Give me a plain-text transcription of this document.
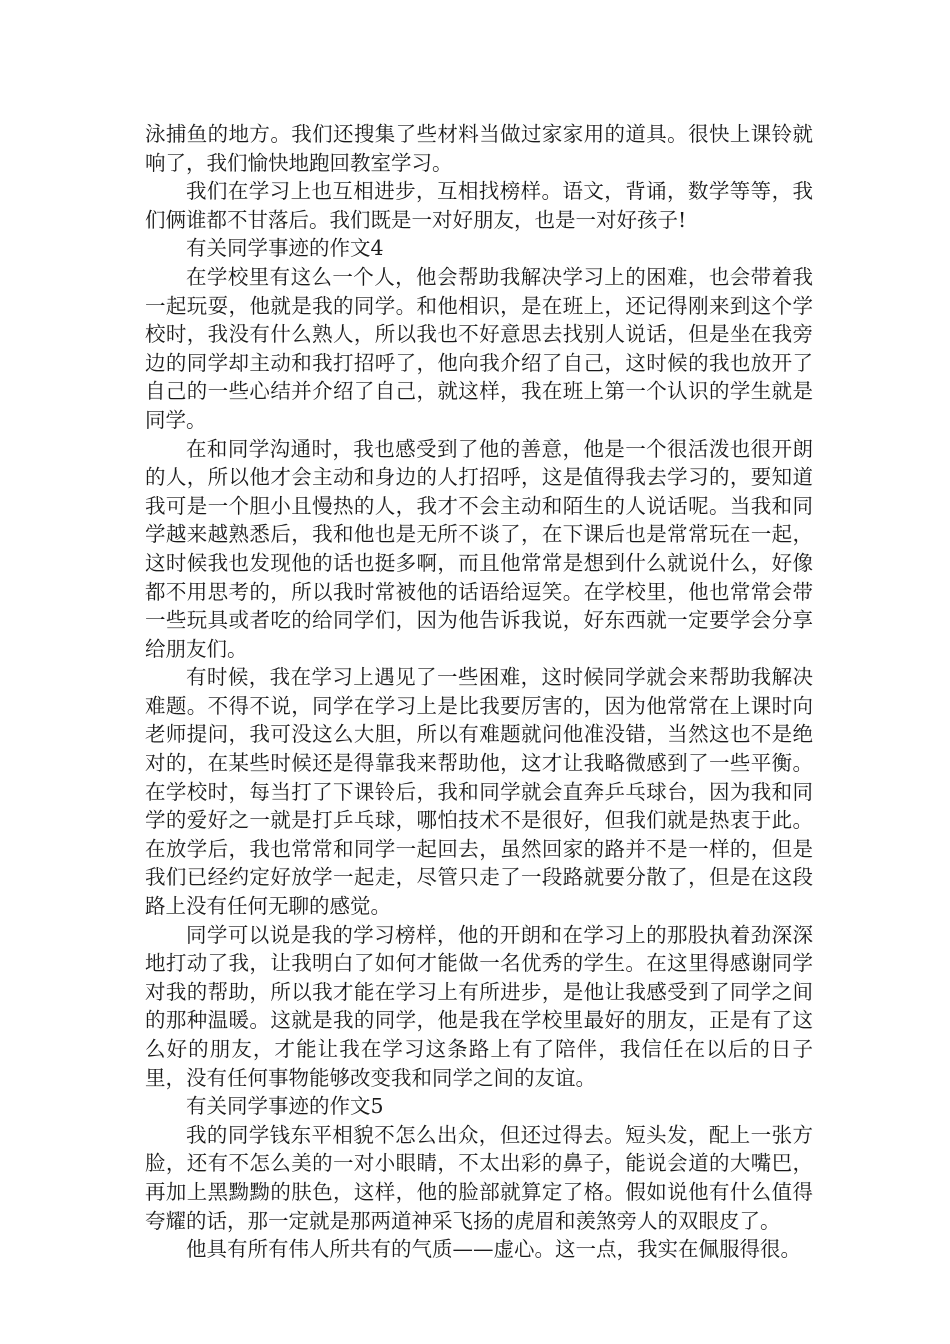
泳捕鱼的地方。我们还搜集了些材料当做过家家用的道具。很快上课铃就响了，我们愉快地跑回教室学习。

我们在学习上也互相进步，互相找榜样。语文，背诵，数学等等，我们俩谁都不甘落后。我们既是一对好朋友，也是一对好孩子!

有关同学事迹的作文4

在学校里有这么一个人，他会帮助我解决学习上的困难，也会带着我一起玩耍，他就是我的同学。和他相识，是在班上，还记得刚来到这个学校时，我没有什么熟人，所以我也不好意思去找别人说话，但是坐在我旁边的同学却主动和我打招呼了，他向我介绍了自己，这时候的我也放开了自己的一些心结并介绍了自己，就这样，我在班上第一个认识的学生就是同学。

在和同学沟通时，我也感受到了他的善意，他是一个很活泼也很开朗的人，所以他才会主动和身边的人打招呼，这是值得我去学习的，要知道我可是一个胆小且慢热的人，我才不会主动和陌生的人说话呢。当我和同学越来越熟悉后，我和他也是无所不谈了，在下课后也是常常玩在一起，这时候我也发现他的话也挺多啊，而且他常常是想到什么就说什么，好像都不用思考的，所以我时常被他的话语给逗笑。在学校里，他也常常会带一些玩具或者吃的给同学们，因为他告诉我说，好东西就一定要学会分享给朋友们。

有时候，我在学习上遇见了一些困难，这时候同学就会来帮助我解决难题。不得不说，同学在学习上是比我要厉害的，因为他常常在上课时向老师提问，我可没这么大胆，所以有难题就问他准没错，当然这也不是绝对的，在某些时候还是得靠我来帮助他，这才让我略微感到了一些平衡。在学校时，每当打了下课铃后，我和同学就会直奔乒乓球台，因为我和同学的爱好之一就是打乒乓球，哪怕技术不是很好，但我们就是热衷于此。在放学后，我也常常和同学一起回去，虽然回家的路并不是一样的，但是我们已经约定好放学一起走，尽管只走了一段路就要分散了，但是在这段路上没有任何无聊的感觉。

同学可以说是我的学习榜样，他的开朗和在学习上的那股执着劲深深地打动了我，让我明白了如何才能做一名优秀的学生。在这里得感谢同学对我的帮助，所以我才能在学习上有所进步，是他让我感受到了同学之间的那种温暖。这就是我的同学，他是我在学校里最好的朋友，正是有了这么好的朋友，才能让我在学习这条路上有了陪伴，我信任在以后的日子里，没有任何事物能够改变我和同学之间的友谊。

有关同学事迹的作文5

我的同学钱东平相貌不怎么出众，但还过得去。短头发，配上一张方脸，还有不怎么美的一对小眼睛，不太出彩的鼻子，能说会道的大嘴巴，再加上黑黝黝的肤色，这样，他的脸部就算定了格。假如说他有什么值得夸耀的话，那一定就是那两道神采飞扬的虎眉和羡煞旁人的双眼皮了。

他具有所有伟人所共有的气质——虚心。这一点，我实在佩服得很。
